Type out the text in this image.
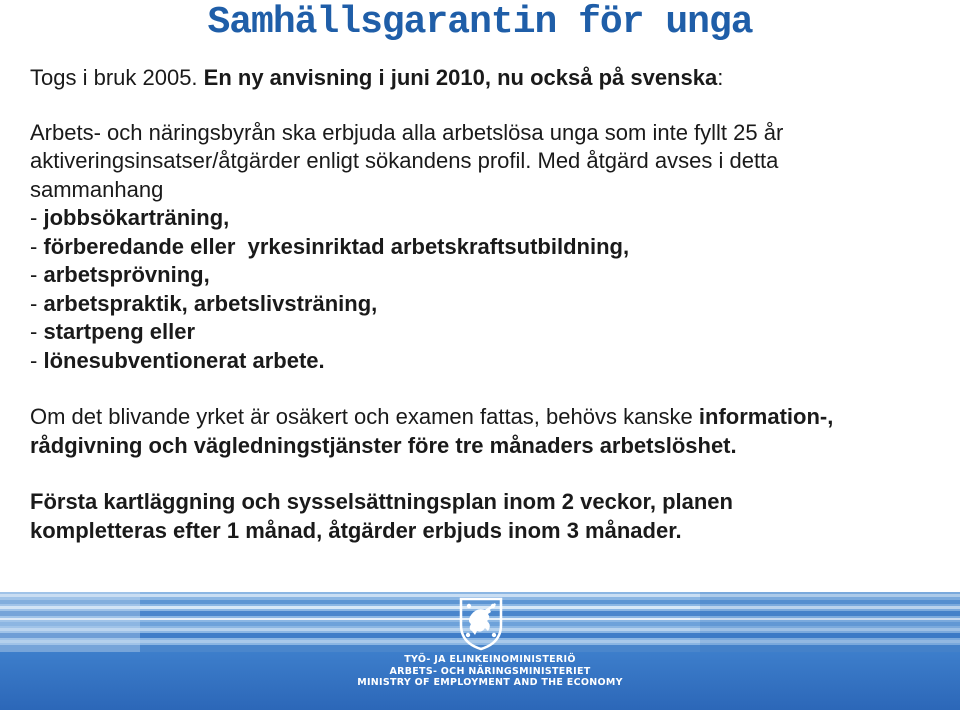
Samhällsgarantin för unga

Togs i bruk 2005. En ny anvisning i juni 2010, nu också på svenska:

Arbets- och näringsbyrån ska erbjuda alla arbetslösa unga som inte fyllt 25 år

aktiveringsinsatser/åtgärder enligt sökandens profil. Med åtgärd avses i detta

sammanhang

- jobbsökarträning,

- förberedande eller  yrkesinriktad arbetskraftsutbildning,

- arbetsprövning,

- arbetspraktik, arbetslivsträning,

- startpeng eller

- lönesubventionerat arbete.

Om det blivande yrket är osäkert och examen fattas, behövs kanske information-,

rådgivning och vägledningstjänster före tre månaders arbetslöshet.

Första kartläggning och sysselsättningsplan inom 2 veckor, planen

kompletteras efter 1 månad, åtgärder erbjuds inom 3 månader.

TYÖ- JA ELINKEINOMINISTERIÖ
ARBETS- OCH NÄRINGSMINISTERIET
MINISTRY OF EMPLOYMENT AND THE ECONOMY
